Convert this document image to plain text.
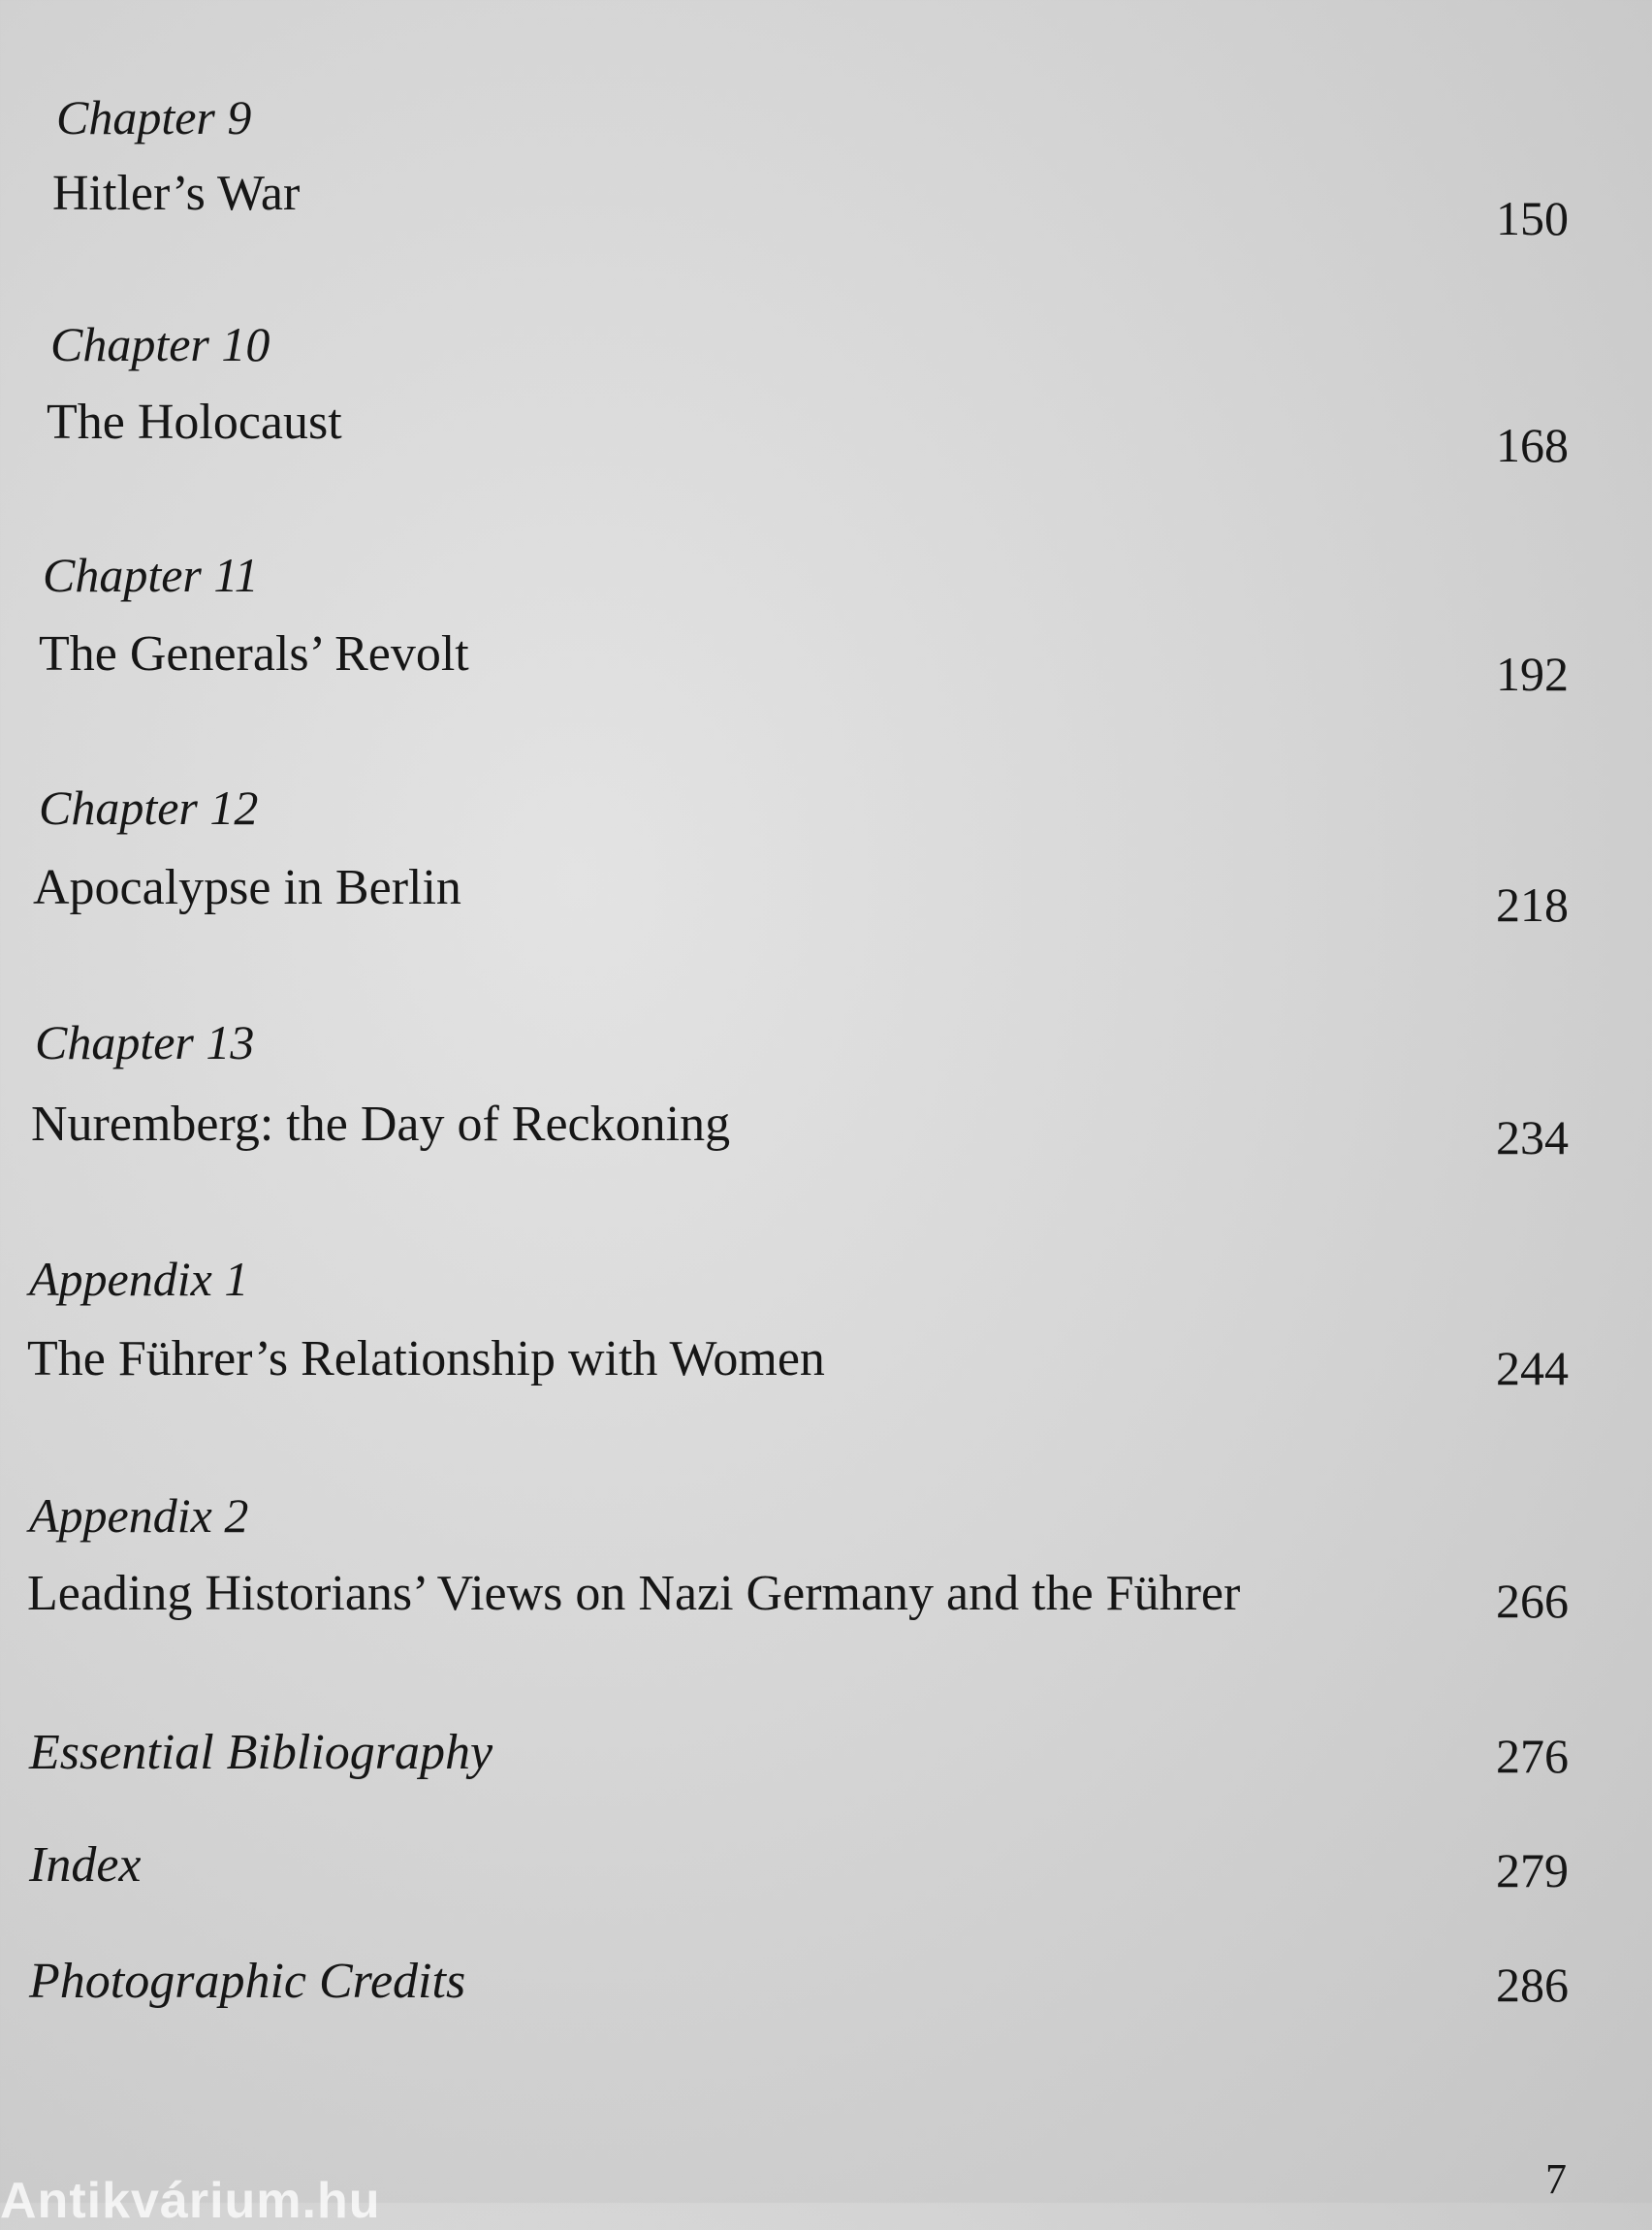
Chapter 9
Hitler’s War	150
Chapter 10
The Holocaust	168
Chapter 11
The Generals’ Revolt	192
Chapter 12
Apocalypse in Berlin	218
Chapter 13
Nuremberg: the Day of Reckoning	234
Appendix 1
The Führer’s Relationship with Women	244
Appendix 2
Leading Historians’ Views on Nazi Germany and the Führer	266
Essential Bibliography	276
Index	279
Photographic Credits	286
7
Antikvárium.hu
